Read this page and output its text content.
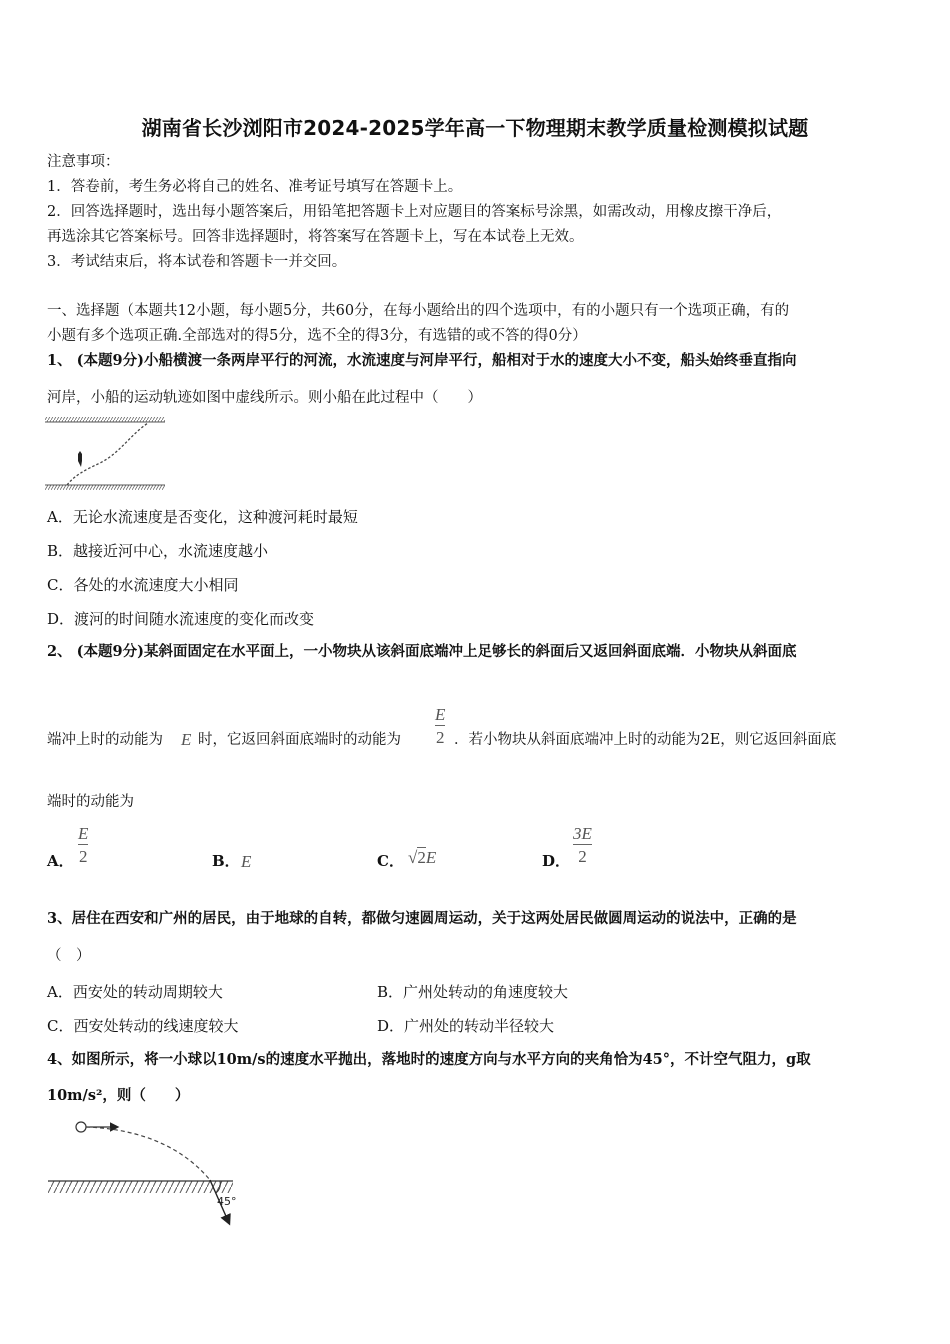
湖南省长沙浏阳市2024-2025学年高一下物理期末教学质量检测模拟试题
注意事项：
1．答卷前，考生务必将自己的姓名、准考证号填写在答题卡上。
2．回答选择题时，选出每小题答案后，用铅笔把答题卡上对应题目的答案标号涂黑，如需改动，用橡皮擦干净后，
再选涂其它答案标号。回答非选择题时，将答案写在答题卡上，写在本试卷上无效。
3．考试结束后，将本试卷和答题卡一并交回。
一、选择题（本题共12小题，每小题5分，共60分，在每小题给出的四个选项中，有的小题只有一个选项正确，有的
小题有多个选项正确.全部选对的得5分，选不全的得3分，有选错的或不答的得0分）
1、 (本题9分)小船横渡一条两岸平行的河流，水流速度与河岸平行，船相对于水的速度大小不变，船头始终垂直指向
河岸，小船的运动轨迹如图中虚线所示。则小船在此过程中（　　）
A．无论水流速度是否变化，这种渡河耗时最短
B．越接近河中心，水流速度越小
C．各处的水流速度大小相同
D．渡河的时间随水流速度的变化而改变
2、 (本题9分)某斜面固定在水平面上，一小物块从该斜面底端冲上足够长的斜面后又返回斜面底端．小物块从斜面底
端冲上时的动能为 E 时，它返回斜面底端时的动能为
E
2 ．若小物块从斜面底端冲上时的动能为2E，则它返回斜面底
端时的动能为
A．
E
2	B． E	C． √2E	D．
3E
2
3、居住在西安和广州的居民，由于地球的自转，都做匀速圆周运动，关于这两处居民做圆周运动的说法中，正确的是
（　）
A．西安处的转动周期较大	B．广州处转动的角速度较大
C．西安处转动的线速度较大	D．广州处的转动半径较大
4、如图所示，将一小球以10m/s的速度水平抛出，落地时的速度方向与水平方向的夹角恰为45°，不计空气阻力，g取
10m/s²，则（　　）
45°
